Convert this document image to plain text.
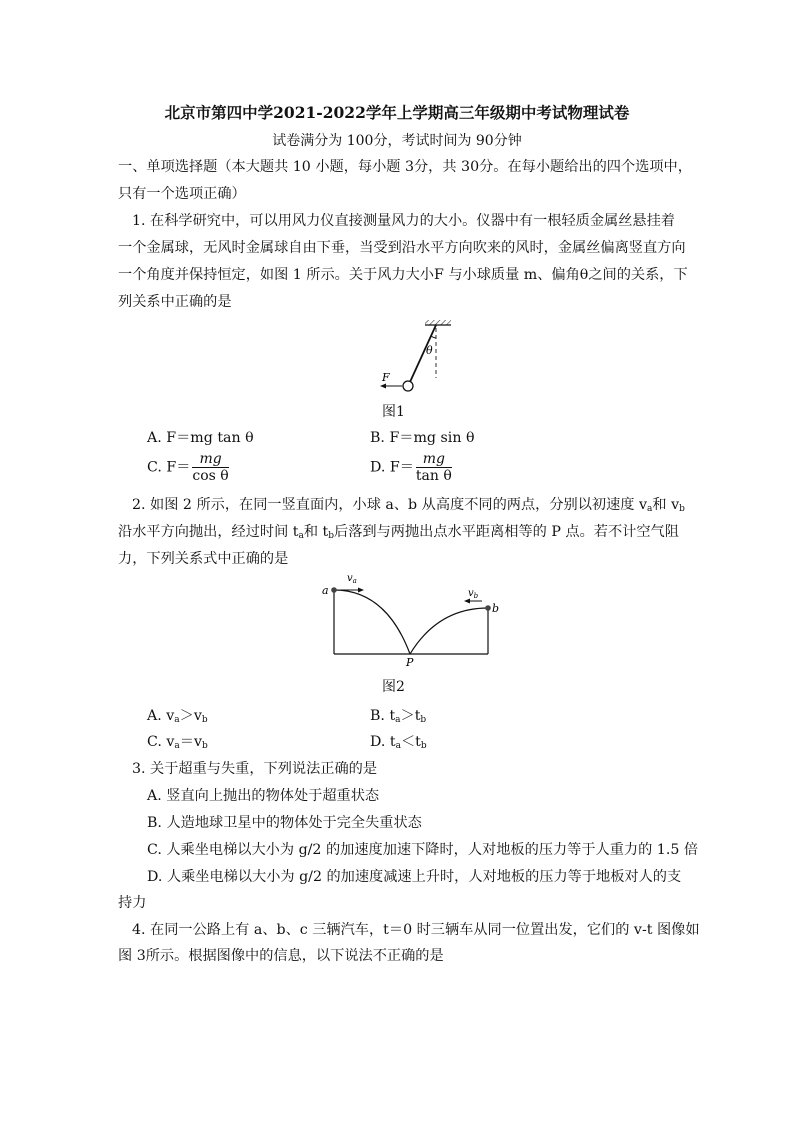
北京市第四中学2021-2022学年上学期高三年级期中考试物理试卷
试卷满分为 100分，考试时间为 90分钟
一、单项选择题（本大题共 10 小题，每小题 3分，共 30分。在每小题给出的四个选项中，
只有一个选项正确）
1. 在科学研究中，可以用风力仪直接测量风力的大小。仪器中有一根轻质金属丝悬挂着
一个金属球，无风时金属球自由下垂，当受到沿水平方向吹来的风时，金属丝偏离竖直方向
一个角度并保持恒定，如图 1 所示。关于风力大小F 与小球质量 m、偏角θ之间的关系，下
列关系中正确的是
θ
F
图1
A. F＝mg tan θ	B. F＝mg sin θ
C. $F= \frac{mg}{\text{cos θ}}$	D. $F= \frac{mg}{\text{tan θ}}$
2. 如图 2 所示，在同一竖直面内，小球 a、b 从高度不同的两点，分别以初速度 $v_a$和 $v_b$
沿水平方向抛出，经过时间 $t_a$和 $t_b$后落到与两抛出点水平距离相等的 P 点。若不计空气阻
力，下列关系式中正确的是
a
b
$v_a$
$v_b$
P
图2
A. $v_a>v_b$	B. $t_a>t_b$
C. $v_a=v_b$	D. $t_a<t_b$
3. 关于超重与失重，下列说法正确的是
A. 竖直向上抛出的物体处于超重状态
B. 人造地球卫星中的物体处于完全失重状态
C. 人乘坐电梯以大小为 g/2 的加速度加速下降时，人对地板的压力等于人重力的 1.5 倍
D. 人乘坐电梯以大小为 g/2 的加速度减速上升时，人对地板的压力等于地板对人的支
持力
4. 在同一公路上有 a、b、c 三辆汽车，t＝0 时三辆车从同一位置出发，它们的 v-t 图像如
图 3所示。根据图像中的信息，以下说法不正确的是
